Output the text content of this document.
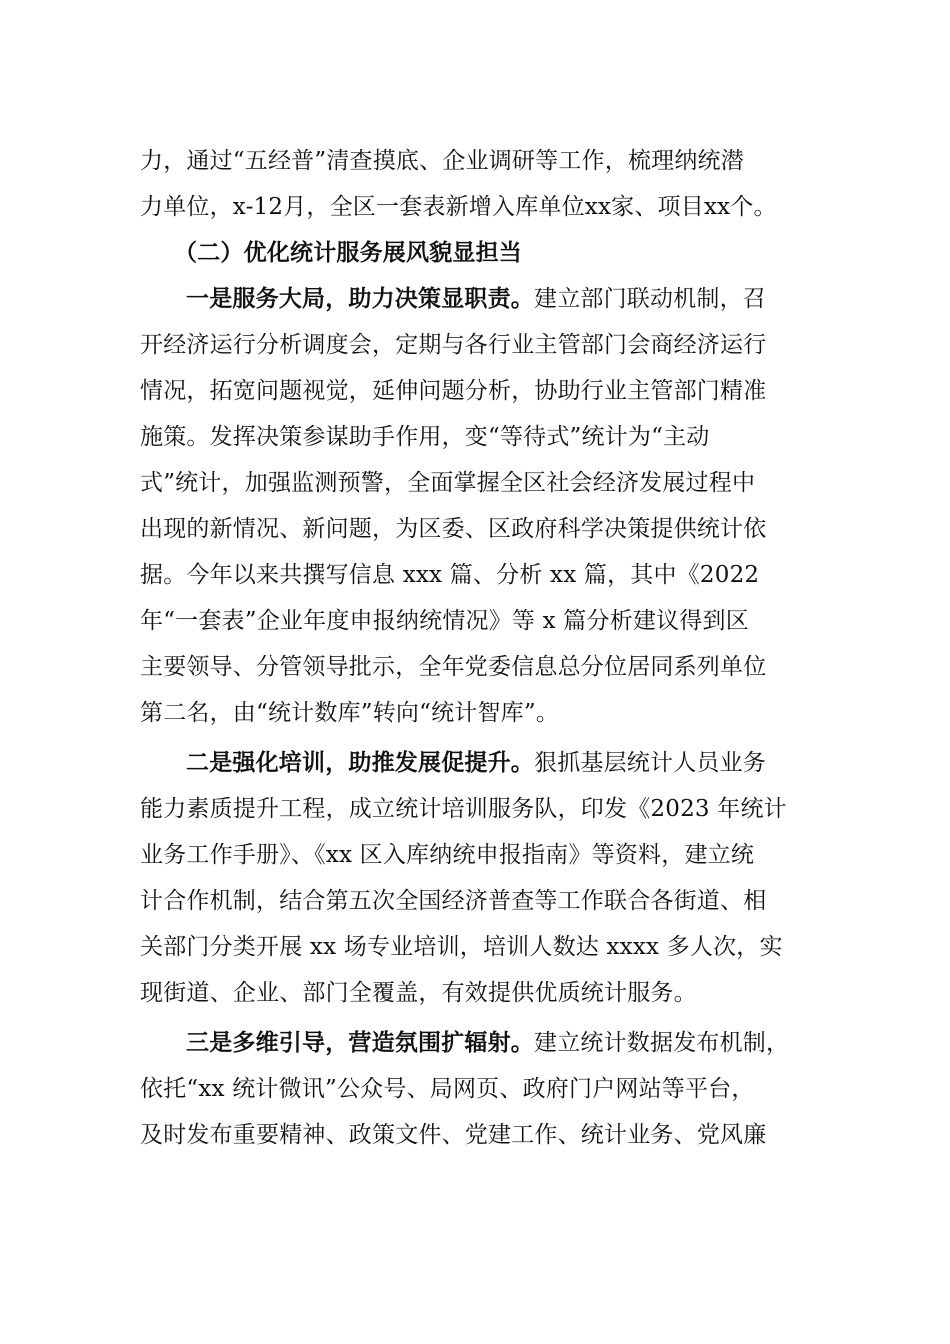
力，通过“五经普”清查摸底、企业调研等工作，梳理纳统潜
力单位，x-12月，全区一套表新增入库单位xx家、项目xx个。
（二）优化统计服务展风貌显担当
一是服务大局，助力决策显职责。建立部门联动机制，召
开经济运行分析调度会，定期与各行业主管部门会商经济运行
情况，拓宽问题视觉，延伸问题分析，协助行业主管部门精准
施策。发挥决策参谋助手作用，变“等待式”统计为“主动
式”统计，加强监测预警，全面掌握全区社会经济发展过程中
出现的新情况、新问题，为区委、区政府科学决策提供统计依
据。今年以来共撰写信息 xxx 篇、分析 xx 篇，其中《2022
年“一套表”企业年度申报纳统情况》等 x 篇分析建议得到区
主要领导、分管领导批示，全年党委信息总分位居同系列单位
第二名，由“统计数库”转向“统计智库”。
二是强化培训，助推发展促提升。狠抓基层统计人员业务
能力素质提升工程，成立统计培训服务队，印发《2023 年统计
业务工作手册》、《xx 区入库纳统申报指南》等资料，建立统
计合作机制，结合第五次全国经济普查等工作联合各街道、相
关部门分类开展 xx 场专业培训，培训人数达 xxxx 多人次，实
现街道、企业、部门全覆盖，有效提供优质统计服务。
三是多维引导，营造氛围扩辐射。建立统计数据发布机制，
依托“xx 统计微讯”公众号、局网页、政府门户网站等平台，
及时发布重要精神、政策文件、党建工作、统计业务、党风廉
